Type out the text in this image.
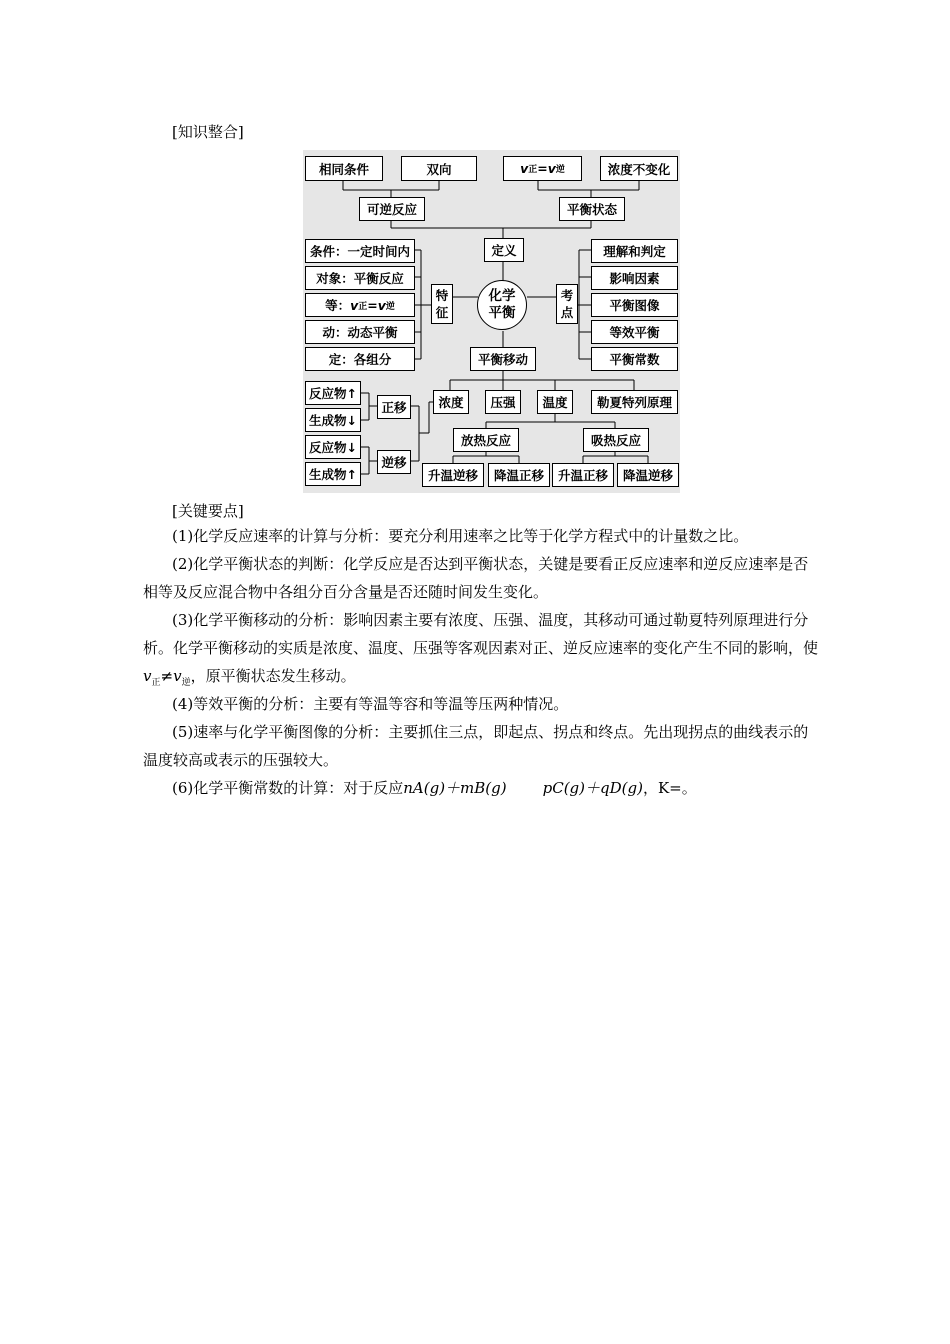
[知识整合]
相同条件	双向	v 正 = v 逆	浓度不变化
可逆反应	平衡状态
定义
条件：一定时间内
对象：平衡反应
等： v 正 = v 逆
动：动态平衡
定：各组分
特
征
化学
平衡
考
点
理解和判定
影响因素
平衡图像
等效平衡
平衡常数
平衡移动
浓度	压强	温度	勒夏特列原理
反应物↑
生成物↓
反应物↓
生成物↑
正移
逆移
放热反应	吸热反应
升温逆移	降温正移	升温正移	降温逆移
[关键要点]
(1)化学反应速率的计算与分析：要充分利用速率之比等于化学方程式中的计量数之比。
(2)化学平衡状态的判断：化学反应是否达到平衡状态，关键是要看正反应速率和逆反应速率是否相等及反应混合物中各组分百分含量是否还随时间发生变化。
(3)化学平衡移动的分析：影响因素主要有浓度、压强、温度，其移动可通过勒夏特列原理进行分析。化学平衡移动的实质是浓度、温度、压强等客观因素对正、逆反应速率的变化产生不同的影响，使$v_正\ne v_逆$，原平衡状态发生移动。
(4)等效平衡的分析：主要有等温等容和等温等压两种情况。
(5)速率与化学平衡图像的分析：主要抓住三点，即起点、拐点和终点。先出现拐点的曲线表示的温度较高或表示的压强较大。
(6)化学平衡常数的计算：对于反应nA(g)＋mB(g) pC(g)＋qD(g)，K=。
